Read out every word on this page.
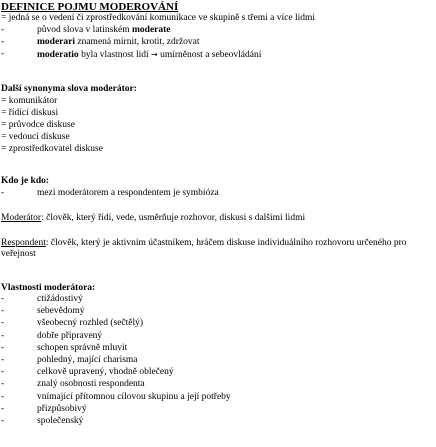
DEFINICE POJMU MODEROVÁNÍ
= jedná se o vedení či zprostředkování komunikace ve skupině s třemi a více lidmi
-	původ slova v latinském moderate
-	moderari znamená mírnit, krotit, zdržovat
-	moderatio byla vlastnost lidí → umírněnost a sebeovládání
Další synonyma slova moderátor:
= komunikátor
= řídící diskusi
= průvodce diskuse
= vedoucí diskuse
= zprostředkovatel diskuse
Kdo je kdo:
-	mezi moderátorem a respondentem je symbióza
Moderátor: člověk, který řídí, vede, usměrňuje rozhovor, diskusi s dalšími lidmi
Respondent: člověk, který je aktivním účastníkem, hráčem diskuse individuálního rozhovoru určeného pro veřejnost
Vlastnosti moderátora:
-	ctižádostivý
-	sebevědomý
-	všeobecný rozhled (sečtělý)
-	dobře připravený
-	schopen správně mluvit
-	pohledný, mající charisma
-	celkově upravený, vhodně oblečený
-	znalý osobnosti respondenta
-	vnímající přítomnou cílovou skupinu a její potřeby
-	přizpůsobivý
-	společenský
